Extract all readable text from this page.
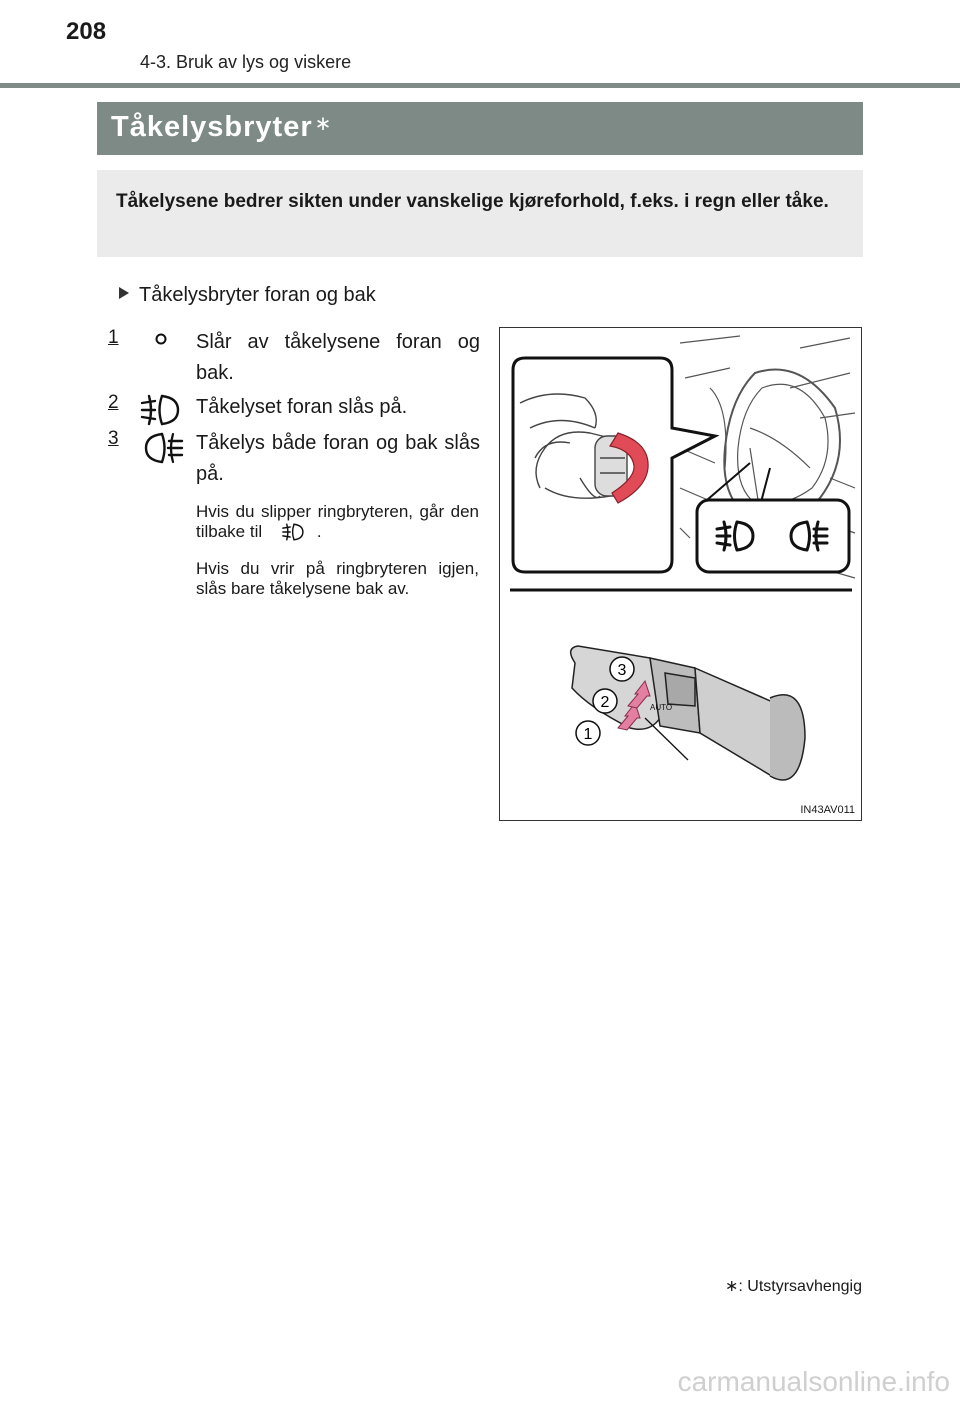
208
4-3. Bruk av lys og viskere
Tåkelysbryter ∗
Tåkelysene bedrer sikten under vanskelige kjøreforhold, f.eks. i regn eller tåke.
Tåkelysbryter foran og bak
1	Slår av tåkelysene foran og bak.
2	Tåkelyset foran slås på.
3	Tåkelys både foran og bak slås på.
Hvis du slipper ringbryteren, går den tilbake til	.
Hvis du vrir på ringbryteren igjen, slås bare tåkelysene bak av.
AUTO
1
2
3
IN43AV011
∗: Utstyrsavhengig
carmanualsonline.info
